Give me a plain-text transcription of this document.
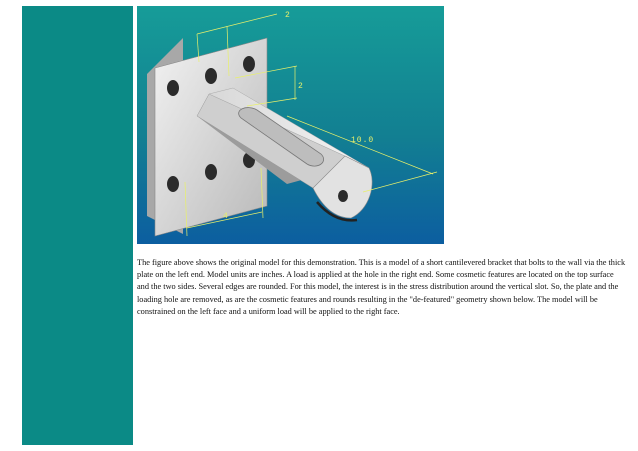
2
2
10.0
4

The figure above shows the original model for this demonstration. This is a model of a short cantilevered bracket that bolts to the wall via the thick plate on the left end. Model units are inches. A load is applied at the hole in the right end. Some cosmetic features are located on the top surface and the two sides. Several edges are rounded. For this model, the interest is in the stress distribution around the vertical slot. So, the plate and the loading hole are removed, as are the cosmetic features and rounds resulting in the "de-featured" geometry shown below. The model will be constrained on the left face and a uniform load will be applied to the right face.
